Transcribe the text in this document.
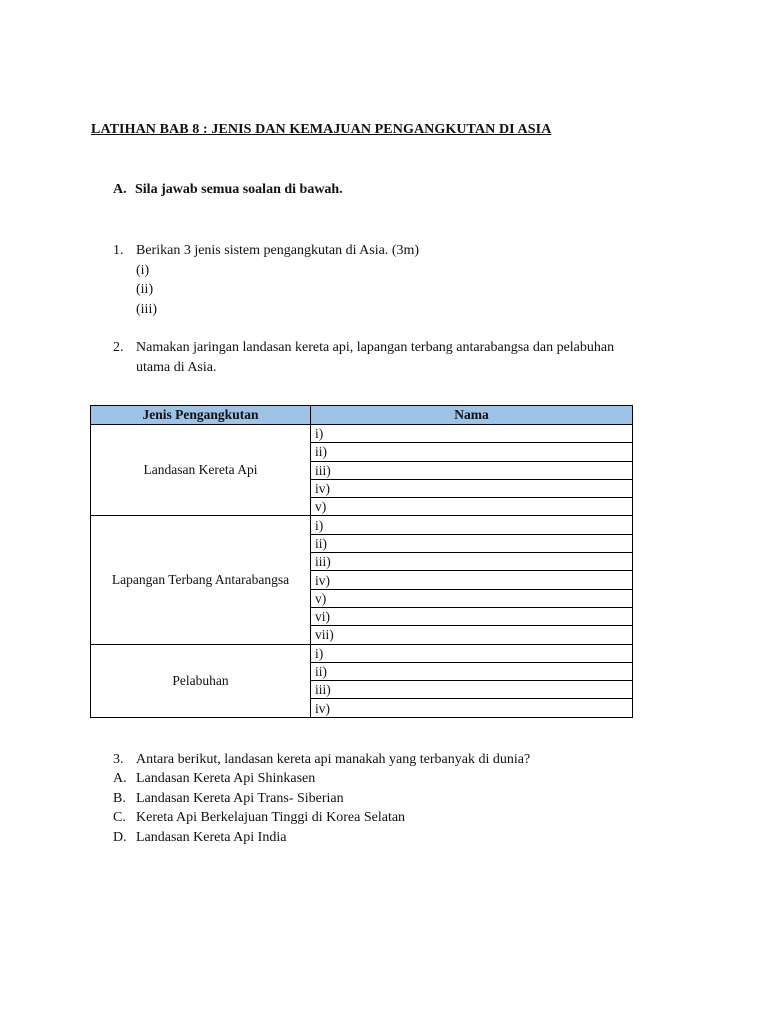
LATIHAN BAB 8 : JENIS DAN KEMAJUAN PENGANGKUTAN DI ASIA
A. Sila jawab semua soalan di bawah.
1. Berikan 3 jenis sistem pengangkutan di Asia. (3m)
(i)
(ii)
(iii)
2. Namakan jaringan landasan kereta api, lapangan terbang antarabangsa dan pelabuhan
utama di Asia.
Jenis Pengangkutan	Nama
Landasan Kereta Api	i)
	ii)
	iii)
	iv)
	v)
Lapangan Terbang Antarabangsa	i)
	ii)
	iii)
	iv)
	v)
	vi)
	vii)
Pelabuhan	i)
	ii)
	iii)
	iv)
3. Antara berikut, landasan kereta api manakah yang terbanyak di dunia?
A. Landasan Kereta Api Shinkasen
B. Landasan Kereta Api Trans- Siberian
C. Kereta Api Berkelajuan Tinggi di Korea Selatan
D. Landasan Kereta Api India
